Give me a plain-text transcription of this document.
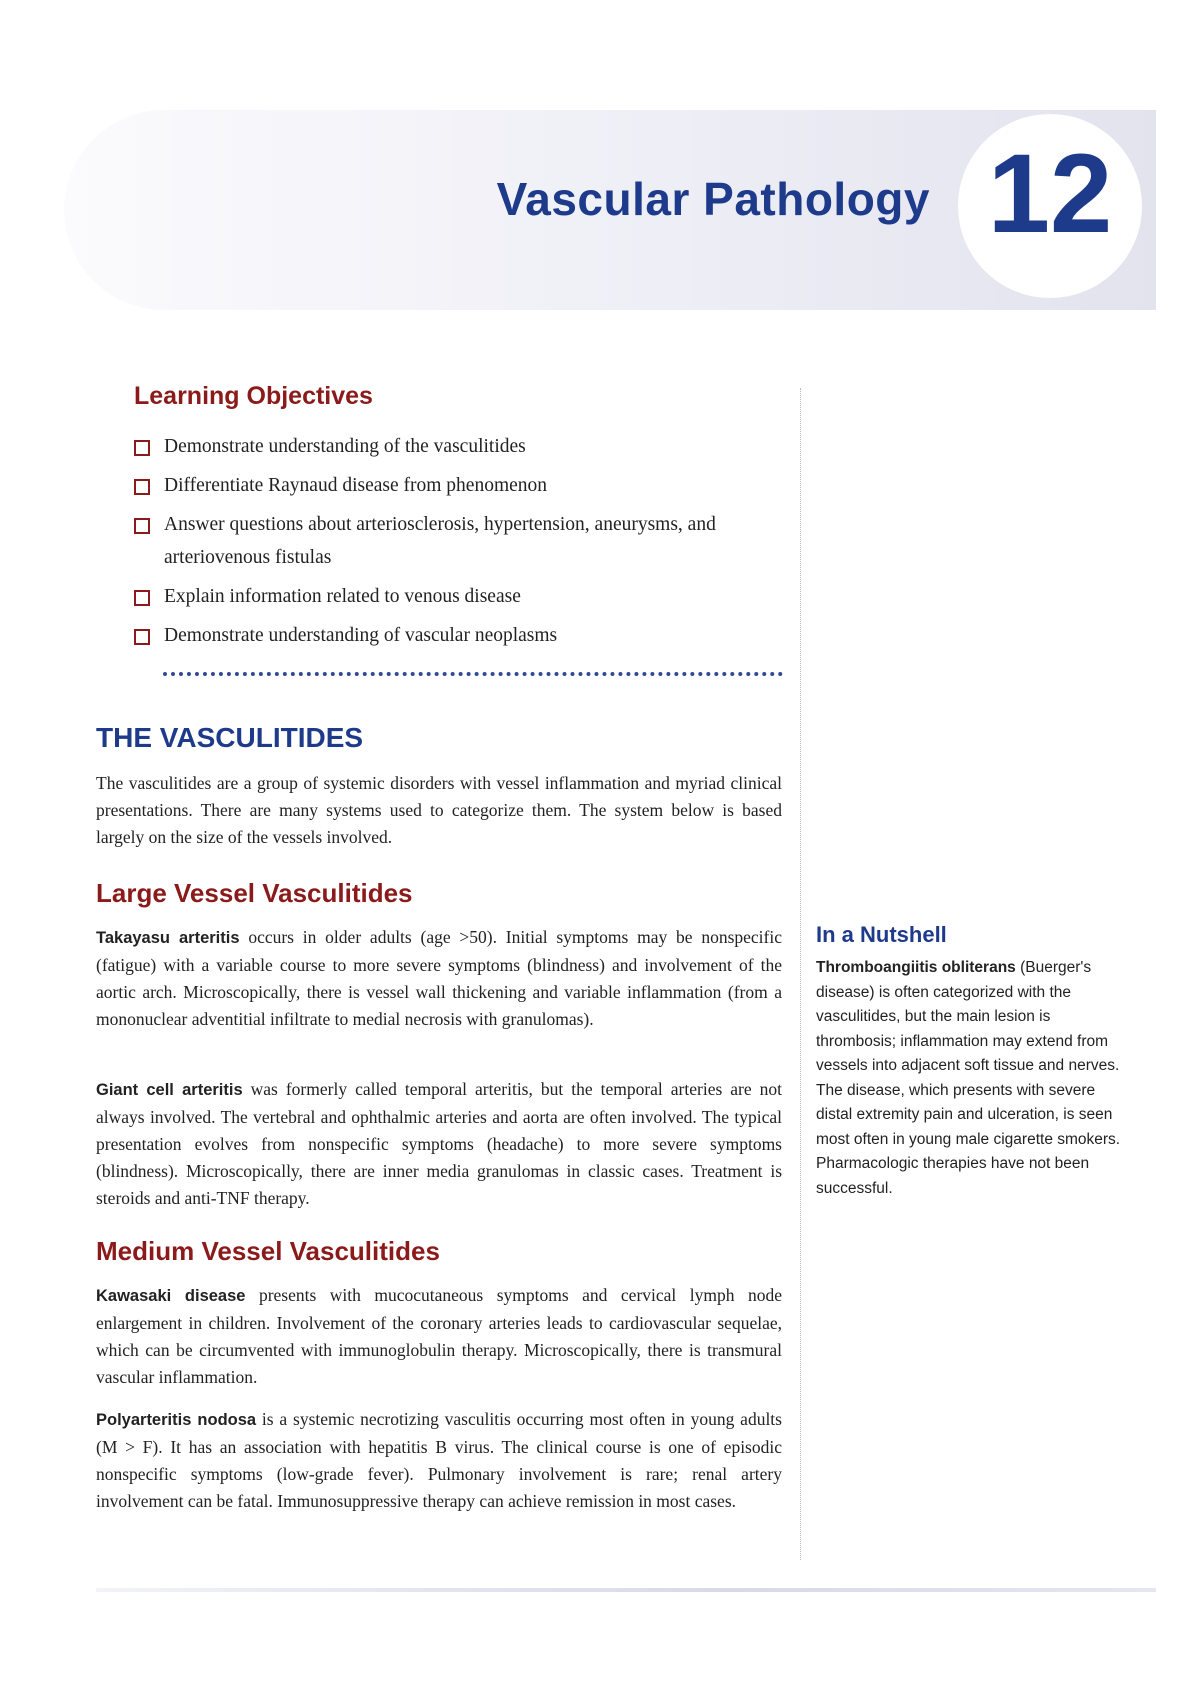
Vascular Pathology 12
Learning Objectives
Demonstrate understanding of the vasculitides
Differentiate Raynaud disease from phenomenon
Answer questions about arteriosclerosis, hypertension, aneurysms, and arteriovenous fistulas
Explain information related to venous disease
Demonstrate understanding of vascular neoplasms
THE VASCULITIDES

The vasculitides are a group of systemic disorders with vessel inflammation and myriad clinical presentations. There are many systems used to categorize them. The system below is based largely on the size of the vessels involved.

Large Vessel Vasculitides

Takayasu arteritis occurs in older adults (age >50). Initial symptoms may be nonspecific (fatigue) with a variable course to more severe symptoms (blindness) and involvement of the aortic arch. Microscopically, there is vessel wall thickening and variable inflammation (from a mononuclear adventitial infiltrate to medial necrosis with granulomas).

Giant cell arteritis was formerly called temporal arteritis, but the temporal arteries are not always involved. The vertebral and ophthalmic arteries and aorta are often involved. The typical presentation evolves from nonspecific symptoms (headache) to more severe symptoms (blindness). Microscopically, there are inner media granulomas in classic cases. Treatment is steroids and anti-TNF therapy.

Medium Vessel Vasculitides

Kawasaki disease presents with mucocutaneous symptoms and cervical lymph node enlargement in children. Involvement of the coronary arteries leads to cardiovascular sequelae, which can be circumvented with immunoglobulin therapy. Microscopically, there is transmural vascular inflammation.

Polyarteritis nodosa is a systemic necrotizing vasculitis occurring most often in young adults (M > F). It has an association with hepatitis B virus. The clinical course is one of episodic nonspecific symptoms (low-grade fever). Pulmonary involvement is rare; renal artery involvement can be fatal. Immunosuppressive therapy can achieve remission in most cases.

In a Nutshell

Thromboangiitis obliterans (Buerger's disease) is often categorized with the vasculitides, but the main lesion is thrombosis; inflammation may extend from vessels into adjacent soft tissue and nerves. The disease, which presents with severe distal extremity pain and ulceration, is seen most often in young male cigarette smokers. Pharmacologic therapies have not been successful.
